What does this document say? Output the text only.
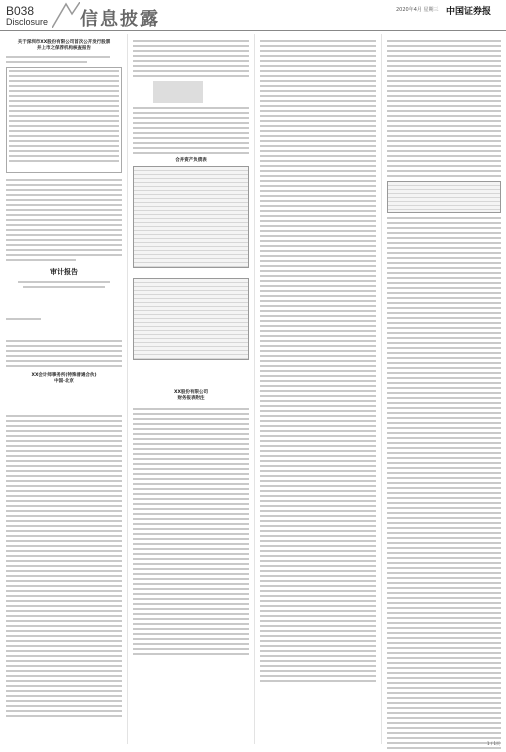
B038
Disclosure 信息披露	2020年4月 星期三 中国证券报
关于深圳市XX股份有限公司首次公开发行股票
并上市之保荐机构核查报告
审计报告
XX会计师事务所(特殊普通合伙)
中国·北京
合并资产负债表
XX股份有限公司
财务报表附注
1 / 1页
